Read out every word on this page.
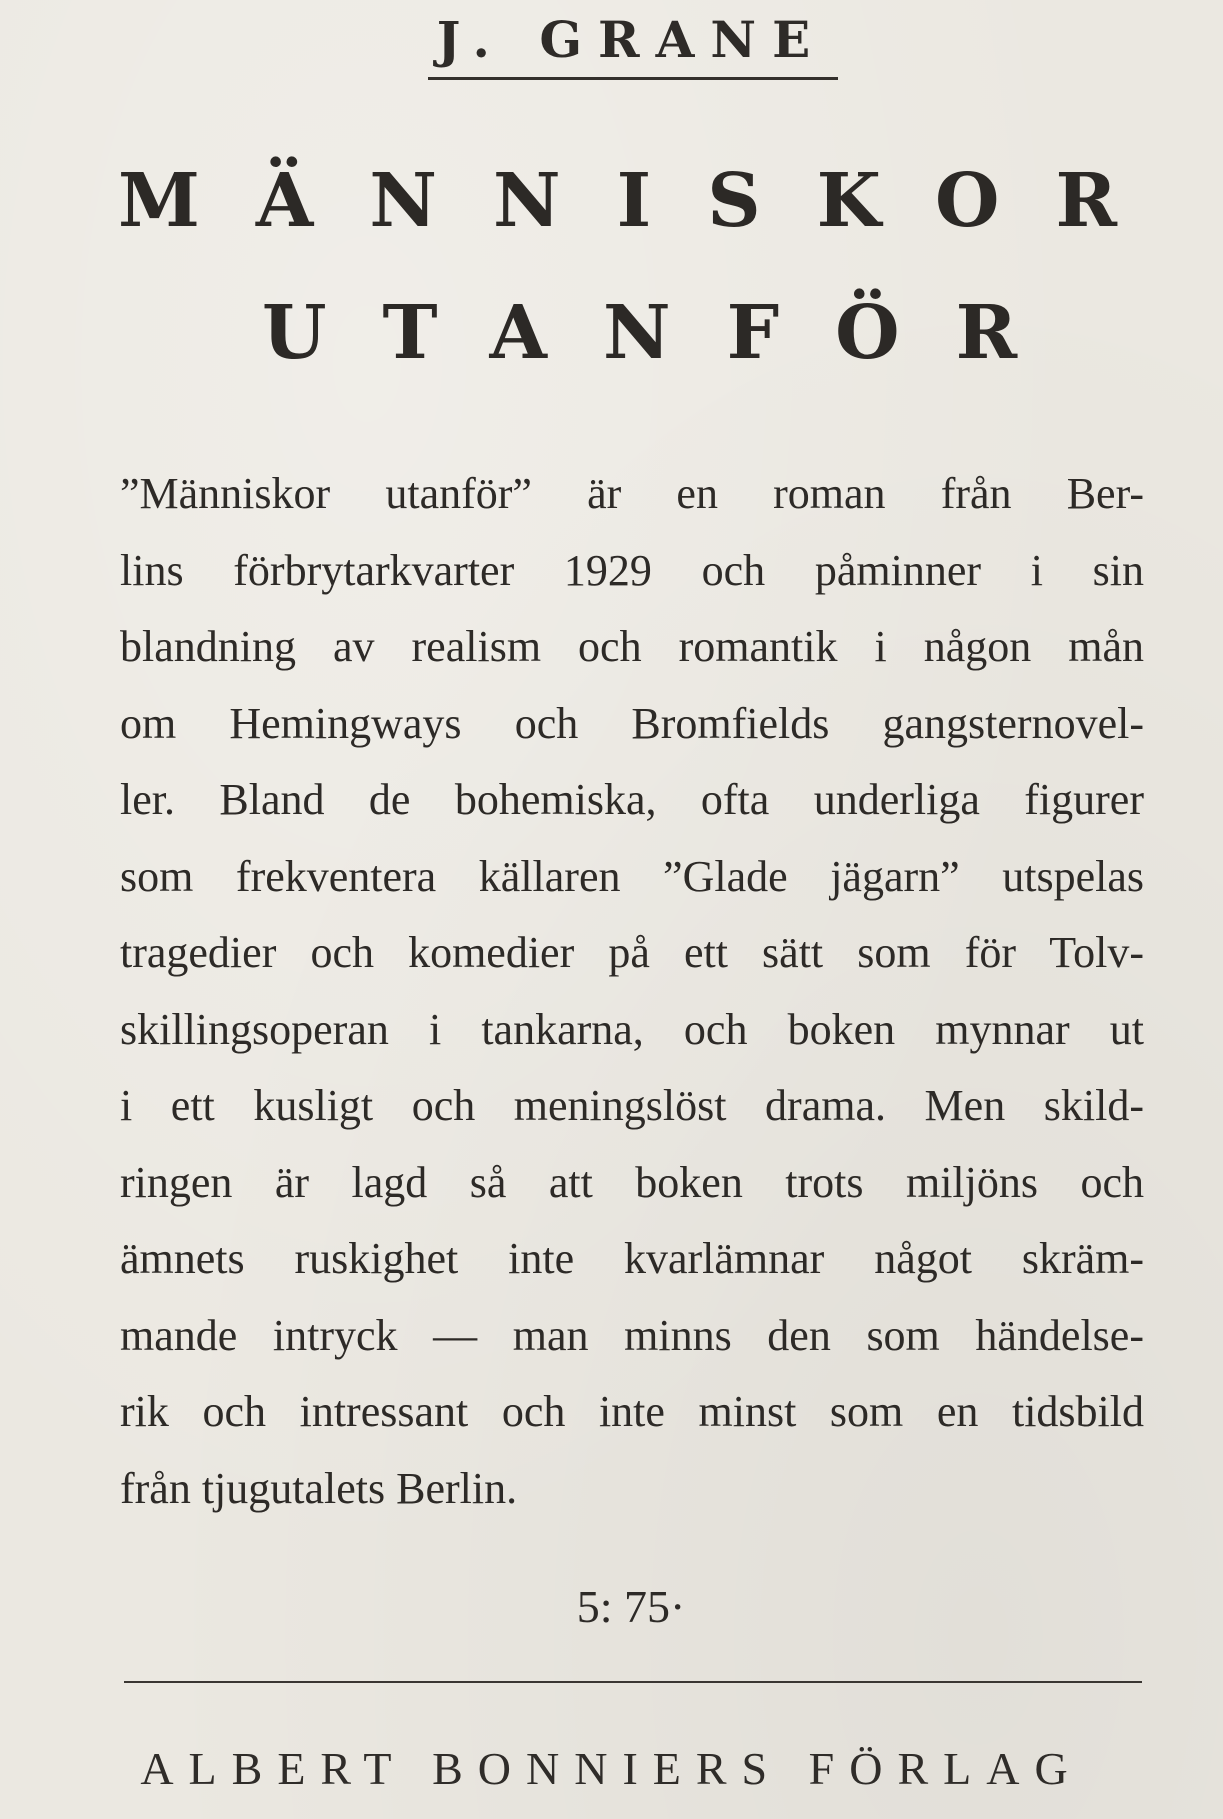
J. GRANE
MÄNNISKOR
UTANFÖR
”Människor utanför” är en roman från Ber-
lins förbrytarkvarter 1929 och påminner i sin
blandning av realism och romantik i någon mån
om Hemingways och Bromfields gangsternovel-
ler. Bland de bohemiska, ofta underliga figurer
som frekventera källaren ”Glade jägarn” utspelas
tragedier och komedier på ett sätt som för Tolv-
skillingsoperan i tankarna, och boken mynnar ut
i ett kusligt och meningslöst drama. Men skild-
ringen är lagd så att boken trots miljöns och
ämnets ruskighet inte kvarlämnar något skräm-
mande intryck — man minns den som händelse-
rik och intressant och inte minst som en tidsbild
från tjugutalets Berlin.
5: 75·
ALBERT BONNIERS FÖRLAG
